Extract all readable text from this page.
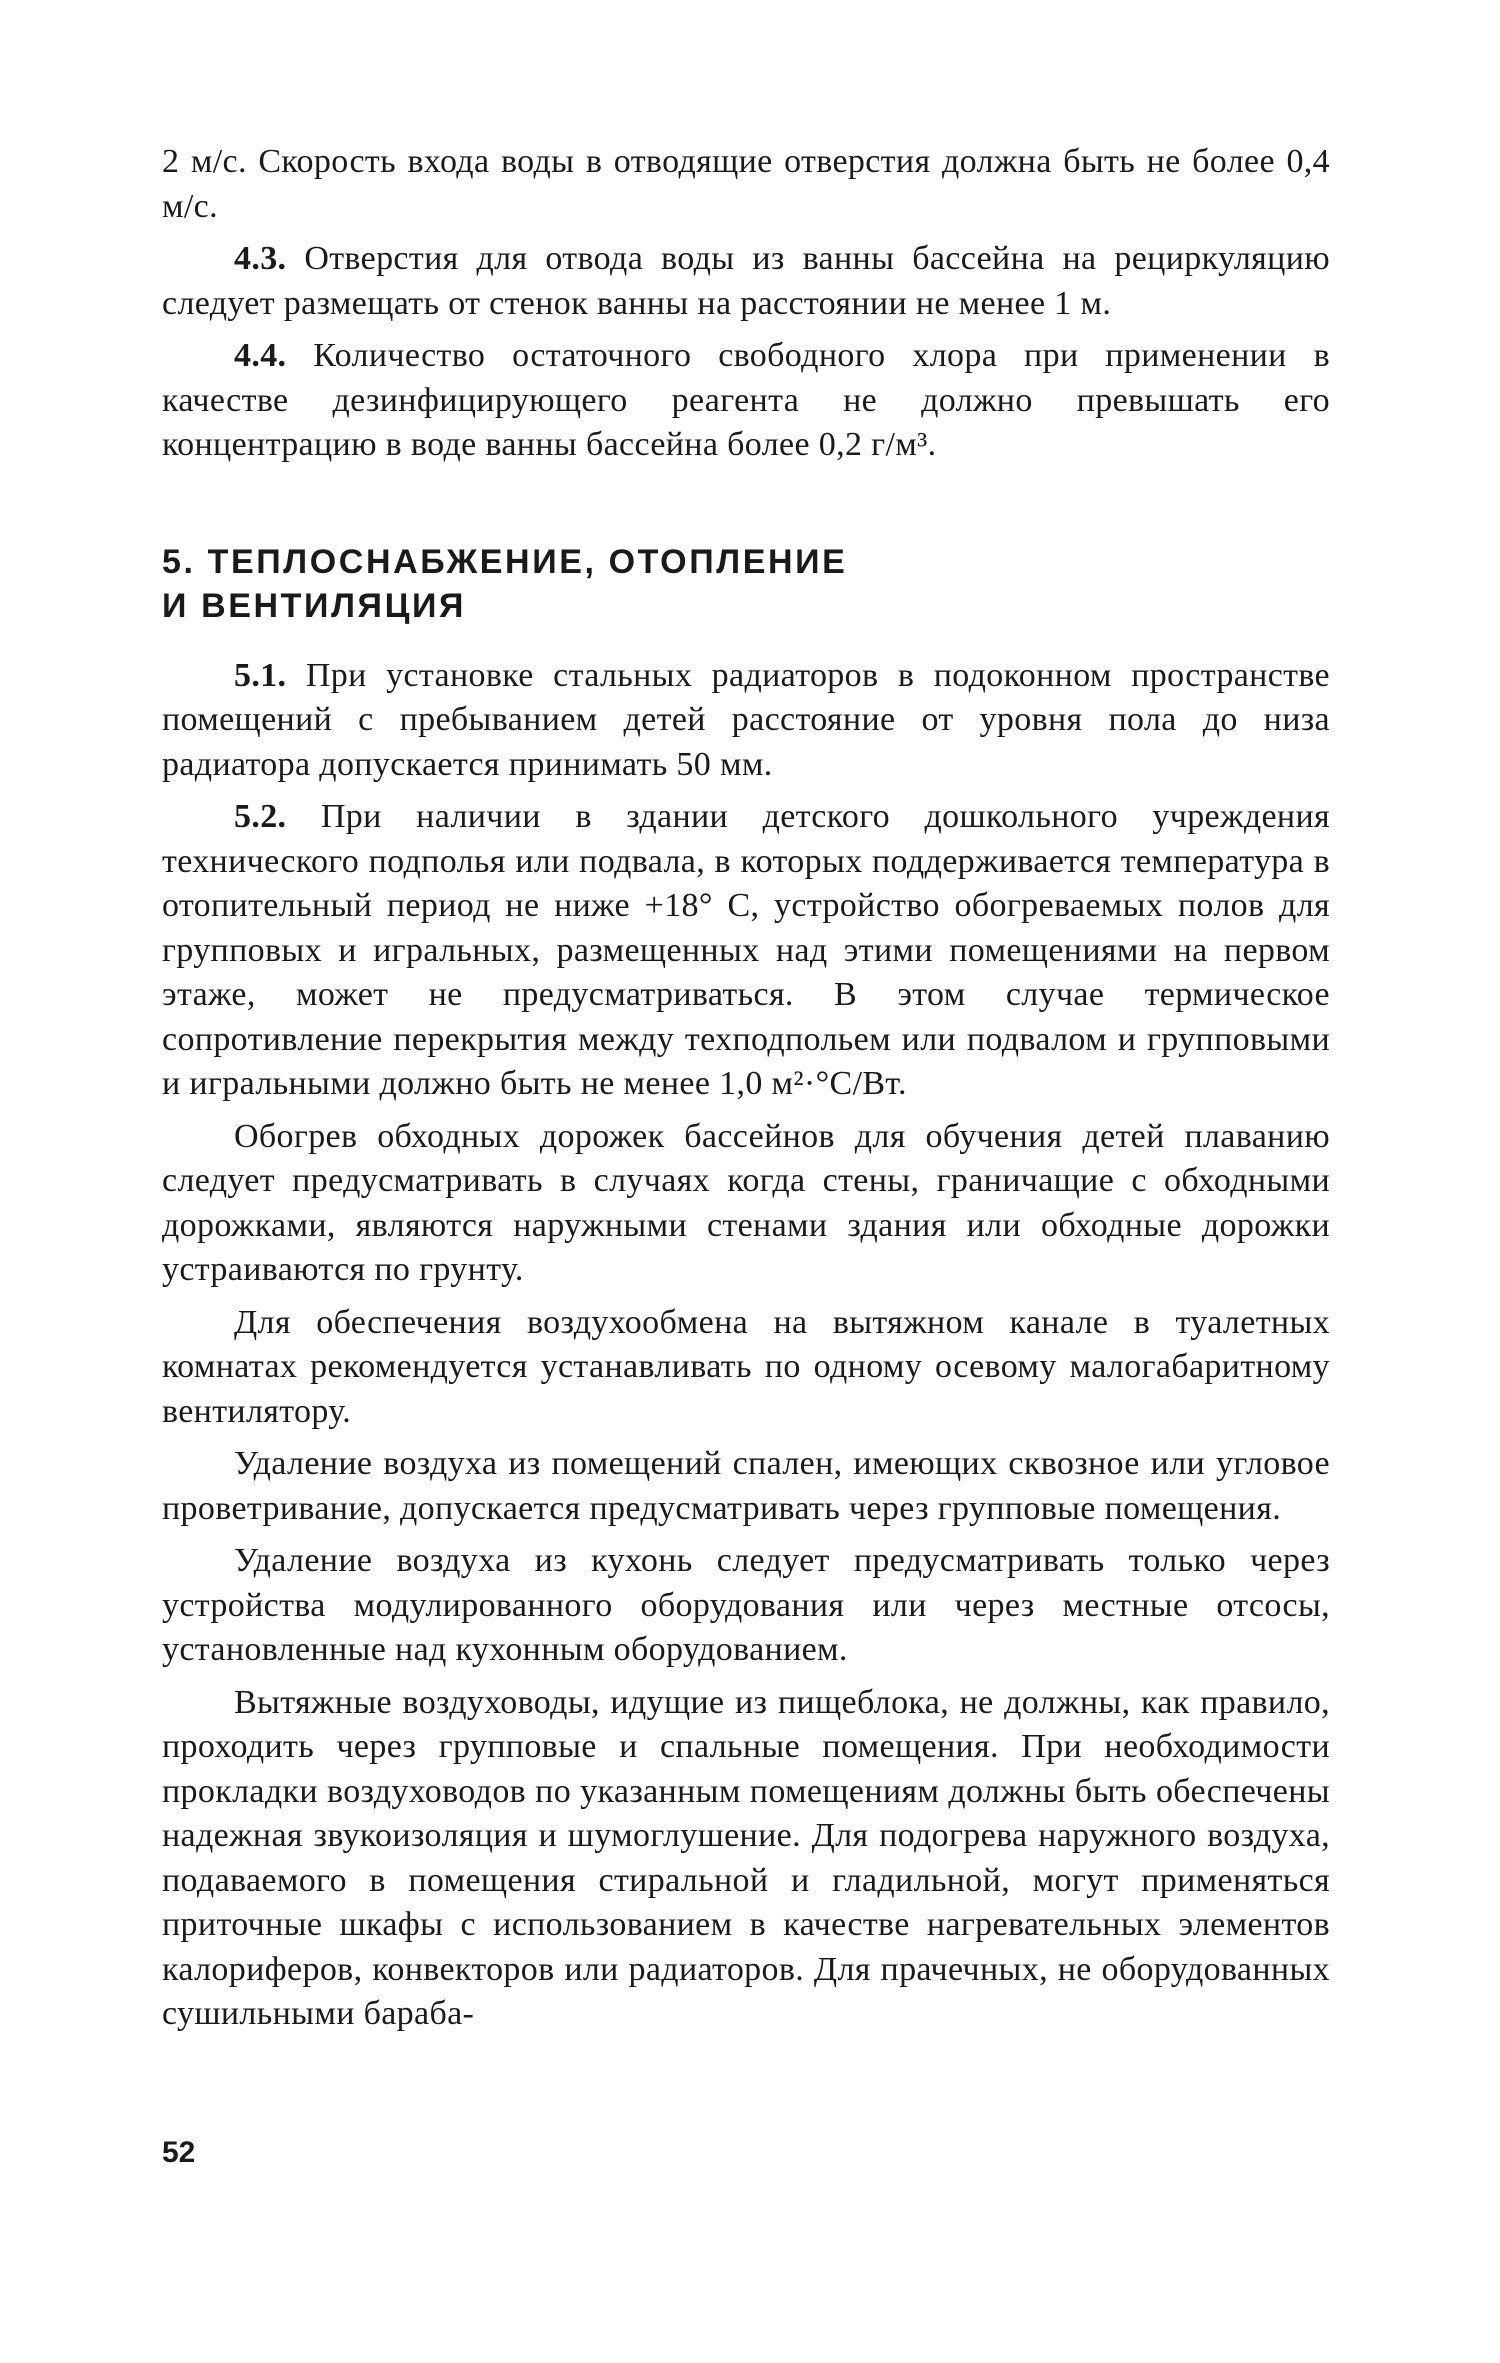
2 м/с. Скорость входа воды в отводящие отверстия должна быть не более 0,4 м/с.

4.3. Отверстия для отвода воды из ванны бассейна на рециркуляцию следует размещать от стенок ванны на расстоянии не менее 1 м.

4.4. Количество остаточного свободного хлора при применении в качестве дезинфицирующего реагента не должно превышать его концентрацию в воде ванны бассейна более 0,2 г/м³.

5. ТЕПЛОСНАБЖЕНИЕ, ОТОПЛЕНИЕ
И ВЕНТИЛЯЦИЯ

5.1. При установке стальных радиаторов в подоконном пространстве помещений с пребыванием детей расстояние от уровня пола до низа радиатора допускается принимать 50 мм.

5.2. При наличии в здании детского дошкольного учреждения технического подполья или подвала, в которых поддерживается температура в отопительный период не ниже +18° С, устройство обогреваемых полов для групповых и игральных, размещенных над этими помещениями на первом этаже, может не предусматриваться. В этом случае термическое сопротивление перекрытия между техподпольем или подвалом и групповыми и игральными должно быть не менее 1,0 м²·°С/Вт.

Обогрев обходных дорожек бассейнов для обучения детей плаванию следует предусматривать в случаях когда стены, граничащие с обходными дорожками, являются наружными стенами здания или обходные дорожки устраиваются по грунту.

Для обеспечения воздухообмена на вытяжном канале в туалетных комнатах рекомендуется устанавливать по одному осевому малогабаритному вентилятору.

Удаление воздуха из помещений спален, имеющих сквозное или угловое проветривание, допускается предусматривать через групповые помещения.

Удаление воздуха из кухонь следует предусматривать только через устройства модулированного оборудования или через местные отсосы, установленные над кухонным оборудованием.

Вытяжные воздуховоды, идущие из пищеблока, не должны, как правило, проходить через групповые и спальные помещения. При необходимости прокладки воздуховодов по указанным помещениям должны быть обеспечены надежная звукоизоляция и шумоглушение. Для подогрева наружного воздуха, подаваемого в помещения стиральной и гладильной, могут применяться приточные шкафы с использованием в качестве нагревательных элементов калориферов, конвекторов или радиаторов. Для прачечных, не оборудованных сушильными бараба-

52
